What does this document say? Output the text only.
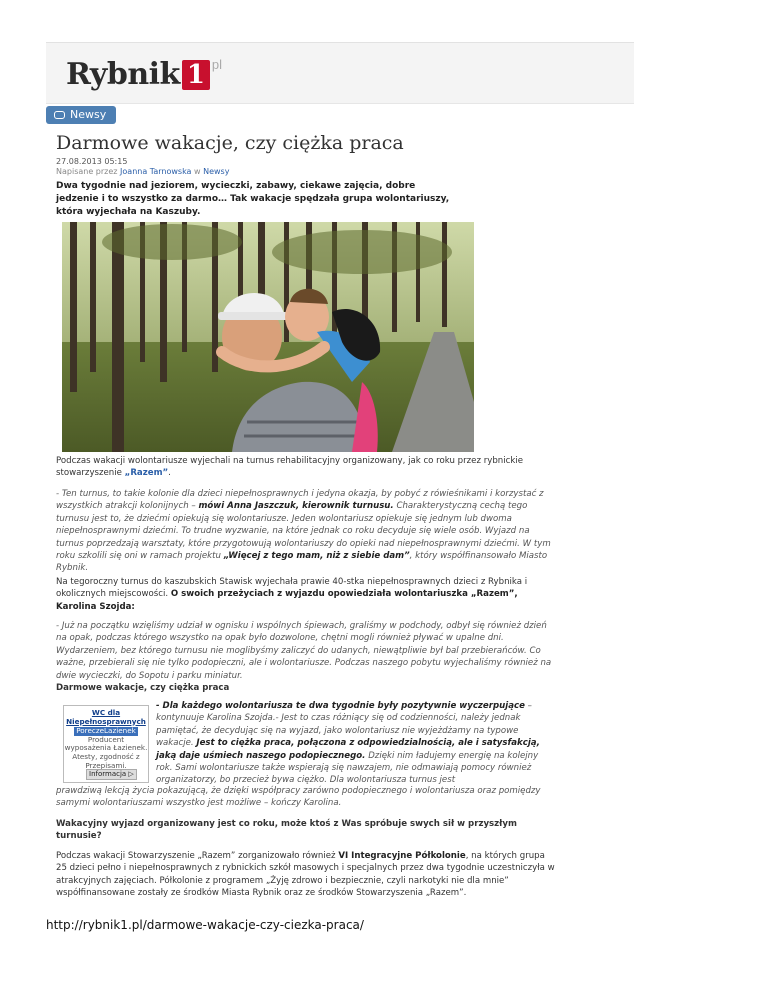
Rybnik 1 pl
Newsy
Darmowe wakacje, czy ciężka praca
27.08.2013 05:15
Napisane przez Joanna Tarnowska w Newsy
Dwa tygodnie nad jeziorem, wycieczki, zabawy, ciekawe zajęcia, dobre jedzenie i to wszystko za darmo… Tak wakacje spędzała grupa wolontariuszy, która wyjechała na Kaszuby.
Podczas wakacji wolontariusze wyjechali na turnus rehabilitacyjny organizowany, jak co roku przez rybnickie stowarzyszenie „Razem”.
- Ten turnus, to takie kolonie dla dzieci niepełnosprawnych i jedyna okazja, by pobyć z rówieśnikami i korzystać z wszystkich atrakcji kolonijnych – mówi Anna Jaszczuk, kierownik turnusu. Charakterystyczną cechą tego turnusu jest to, że dziećmi opiekują się wolontariusze. Jeden wolontariusz opiekuje się jednym lub dwoma niepełnosprawnymi dziećmi. To trudne wyzwanie, na które jednak co roku decyduje się wiele osób. Wyjazd na turnus poprzedzają warsztaty, które przygotowują wolontariuszy do opieki nad niepełnosprawnymi dziećmi. W tym roku szkolili się oni w ramach projektu „Więcej z tego mam, niż z siebie dam”, który współfinansowało Miasto Rybnik.
Na tegoroczny turnus do kaszubskich Stawisk wyjechała prawie 40-stka niepełnosprawnych dzieci z Rybnika i okolicznych miejscowości. O swoich przeżyciach z wyjazdu opowiedziała wolontariuszka „Razem”, Karolina Szojda:
- Już na początku wzięliśmy udział w ognisku i wspólnych śpiewach, graliśmy w podchody, odbył się również dzień na opak, podczas którego wszystko na opak było dozwolone, chętni mogli również pływać w upalne dni. Wydarzeniem, bez którego turnusu nie moglibyśmy zaliczyć do udanych, niewątpliwie był bal przebierańców. Co ważne, przebierali się nie tylko podopieczni, ale i wolontariusze. Podczas naszego pobytu wyjechaliśmy również na dwie wycieczki, do Sopotu i parku miniatur.
Darmowe wakacje, czy ciężka praca
WC dla Niepełnosprawnych
PoreczeLazienek
Producent wyposażenia Łazienek. Atesty, zgodność z Przepisami.
Informacja ▷
- Dla każdego wolontariusza te dwa tygodnie były pozytywnie wyczerpujące – kontynuuje Karolina Szojda.- Jest to czas różniący się od codzienności, należy jednak pamiętać, że decydując się na wyjazd, jako wolontariusz nie wyjeżdżamy na typowe wakacje. Jest to ciężka praca, połączona z odpowiedzialnością, ale i satysfakcją, jaką daje uśmiech naszego podopiecznego. Dzięki nim ładujemy energię na kolejny rok. Sami wolontariusze także wspierają się nawzajem, nie odmawiają pomocy również organizatorzy, bo przecież bywa ciężko. Dla wolontariusza turnus jest
prawdziwą lekcją życia pokazującą, że dzięki współpracy zarówno podopiecznego i wolontariusza oraz pomiędzy samymi wolontariuszami wszystko jest możliwe – kończy Karolina.
Wakacyjny wyjazd organizowany jest co roku, może ktoś z Was spróbuje swych sił w przyszłym turnusie?
Podczas wakacji Stowarzyszenie „Razem” zorganizowało również VI Integracyjne Półkolonie, na których grupa 25 dzieci pełno i niepełnosprawnych z rybnickich szkół masowych i specjalnych przez dwa tygodnie uczestniczyła w atrakcyjnych zajęciach. Półkolonie z programem „Żyję zdrowo i bezpiecznie, czyli narkotyki nie dla mnie” współfinansowane zostały ze środków Miasta Rybnik oraz ze środków Stowarzyszenia „Razem”.
http://rybnik1.pl/darmowe-wakacje-czy-ciezka-praca/
